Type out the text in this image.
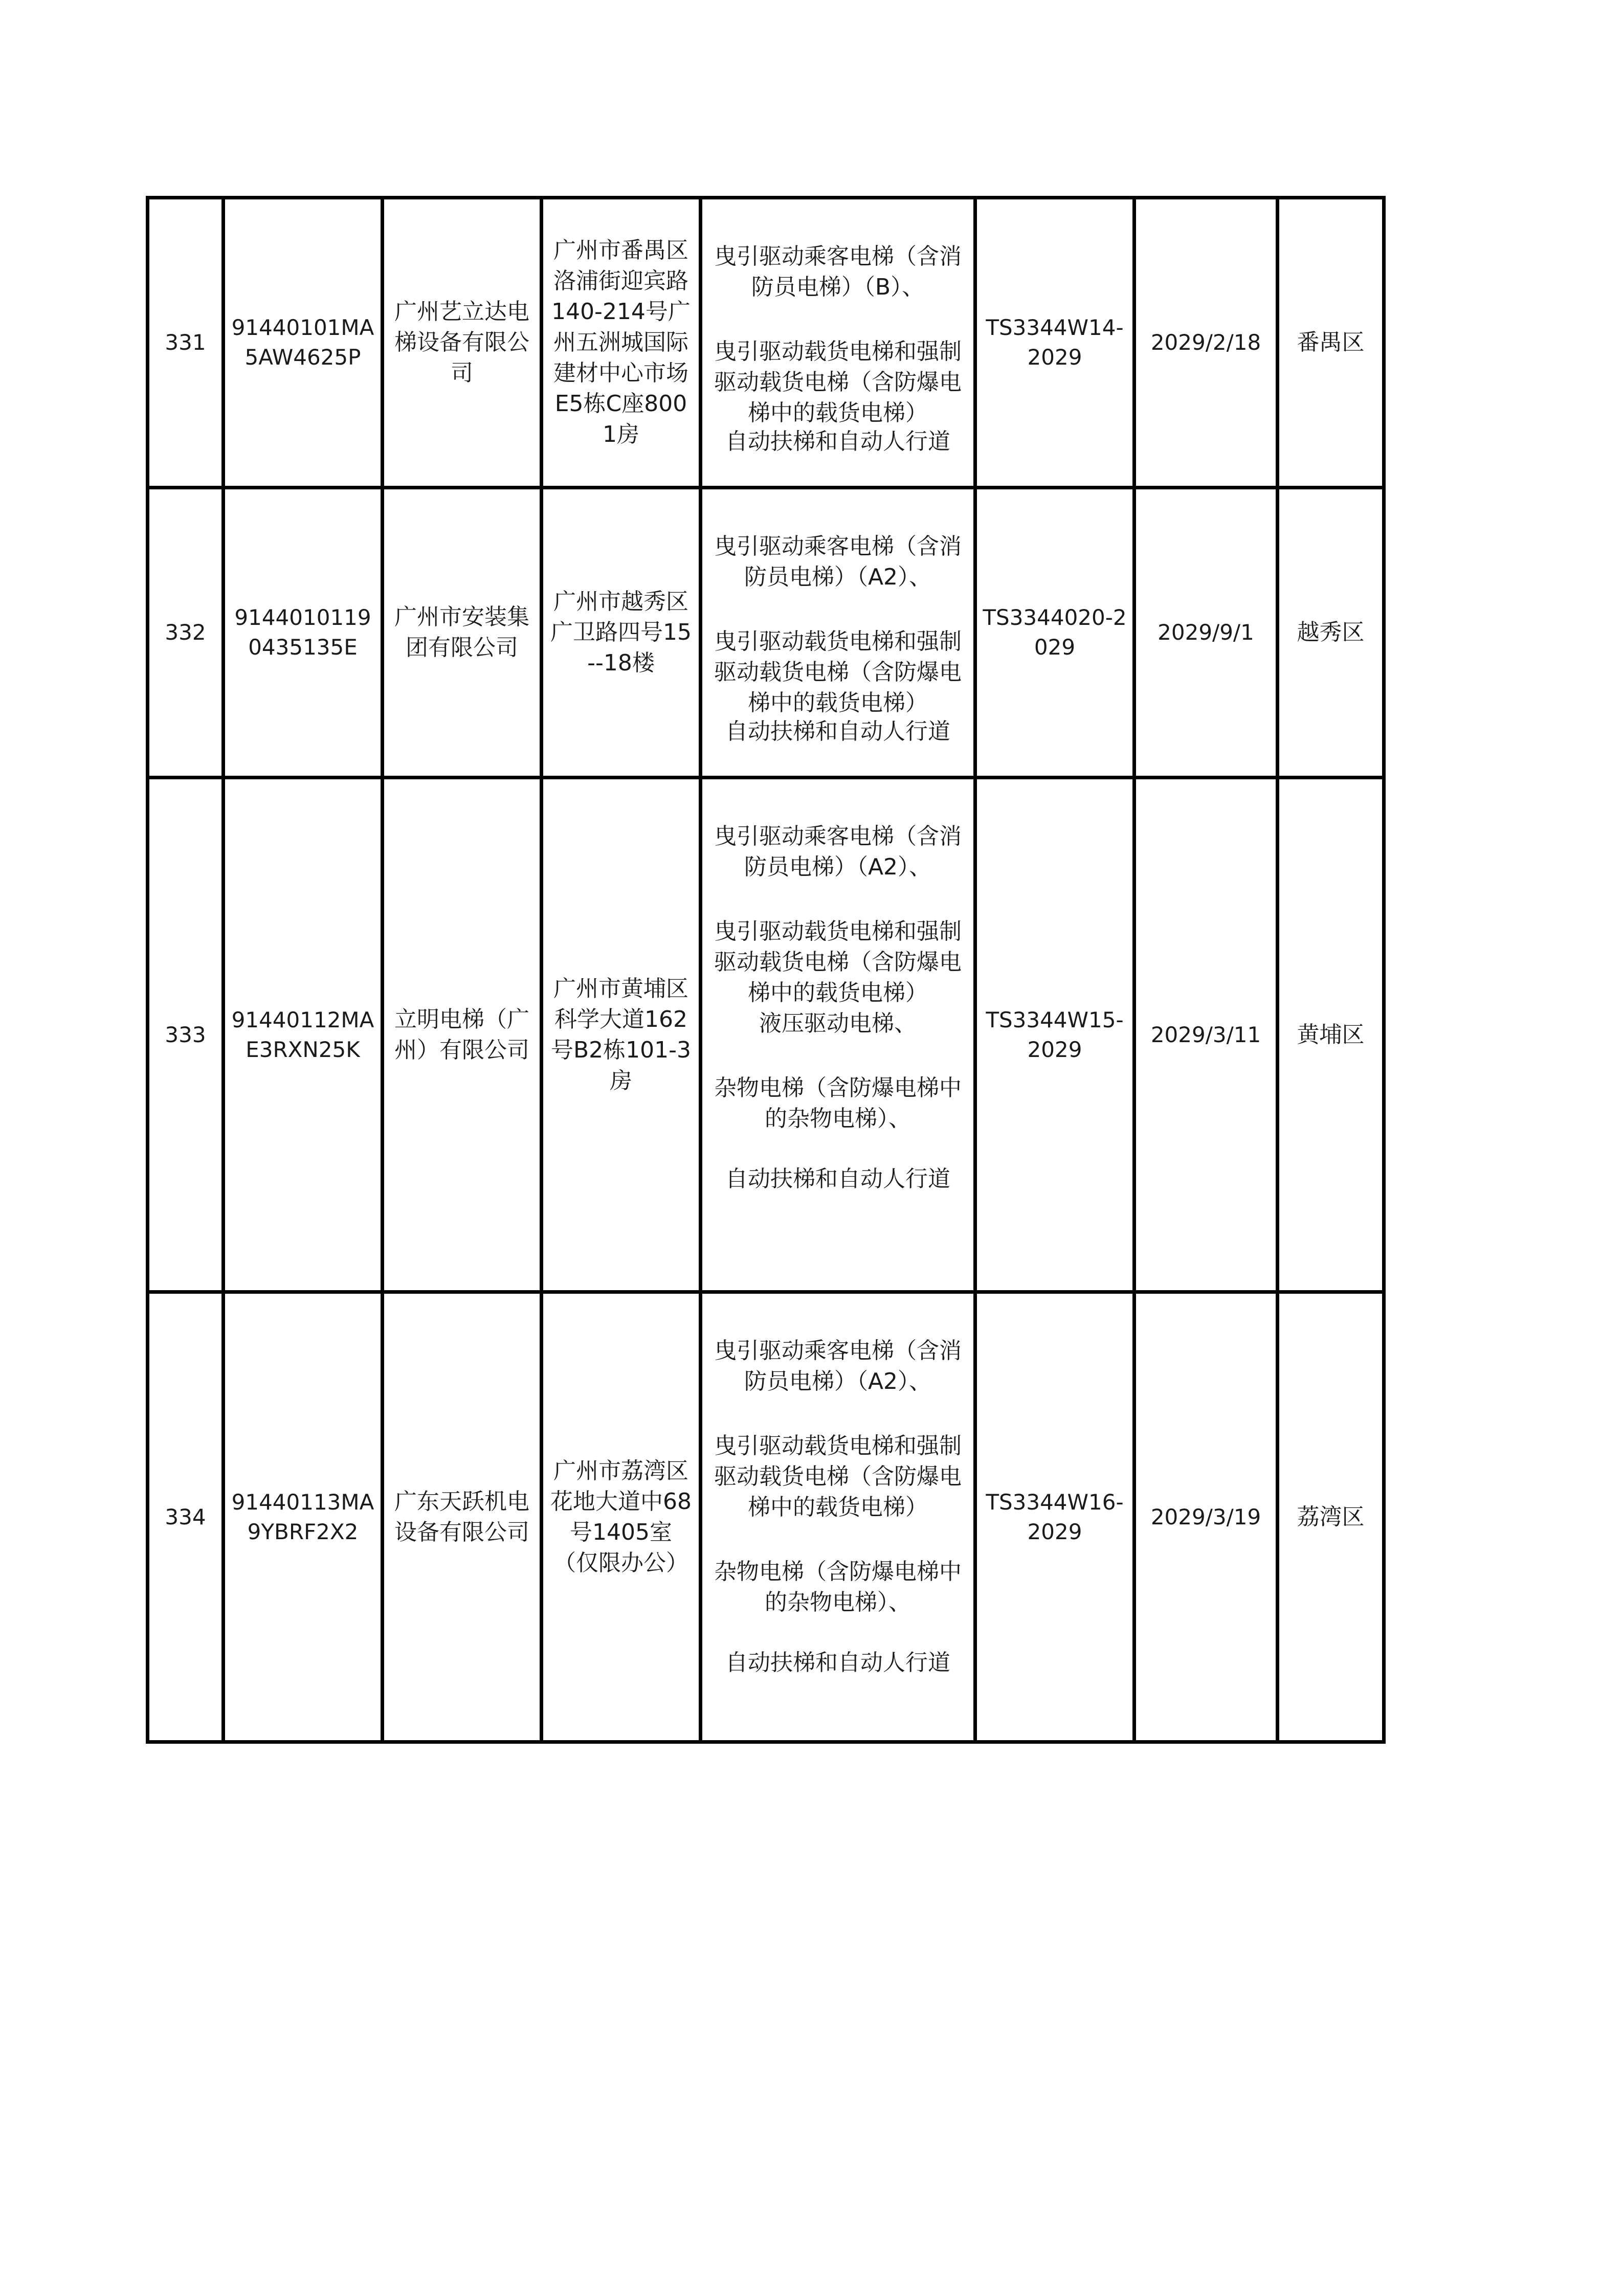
331	91440101MA5AW4625P	广州艺立达电梯设备有限公司	广州市番禺区洛浦街迎宾路140-214号广州五洲城国际建材中心市场E5栋C座8001房	曳引驱动乘客电梯（含消防员电梯）（B）、
曳引驱动载货电梯和强制驱动载货电梯（含防爆电梯中的载货电梯）
自动扶梯和自动人行道	TS3344W14-2029	2029/2/18	番禺区
332	91440101190435135E	广州市安装集团有限公司	广州市越秀区广卫路四号15--18楼	曳引驱动乘客电梯（含消防员电梯）（A2）、
曳引驱动载货电梯和强制驱动载货电梯（含防爆电梯中的载货电梯）
自动扶梯和自动人行道	TS3344020-2029	2029/9/1	越秀区
333	91440112MAE3RXN25K	立明电梯（广州）有限公司	广州市黄埔区科学大道162号B2栋101-3房	曳引驱动乘客电梯（含消防员电梯）（A2）、
曳引驱动载货电梯和强制驱动载货电梯（含防爆电梯中的载货电梯）
液压驱动电梯、
杂物电梯（含防爆电梯中的杂物电梯）、
自动扶梯和自动人行道	TS3344W15-2029	2029/3/11	黄埔区
334	91440113MA9YBRF2X2	广东天跃机电设备有限公司	广州市荔湾区花地大道中68号1405室（仅限办公）	曳引驱动乘客电梯（含消防员电梯）（A2）、
曳引驱动载货电梯和强制驱动载货电梯（含防爆电梯中的载货电梯）
杂物电梯（含防爆电梯中的杂物电梯）、
自动扶梯和自动人行道	TS3344W16-2029	2029/3/19	荔湾区
